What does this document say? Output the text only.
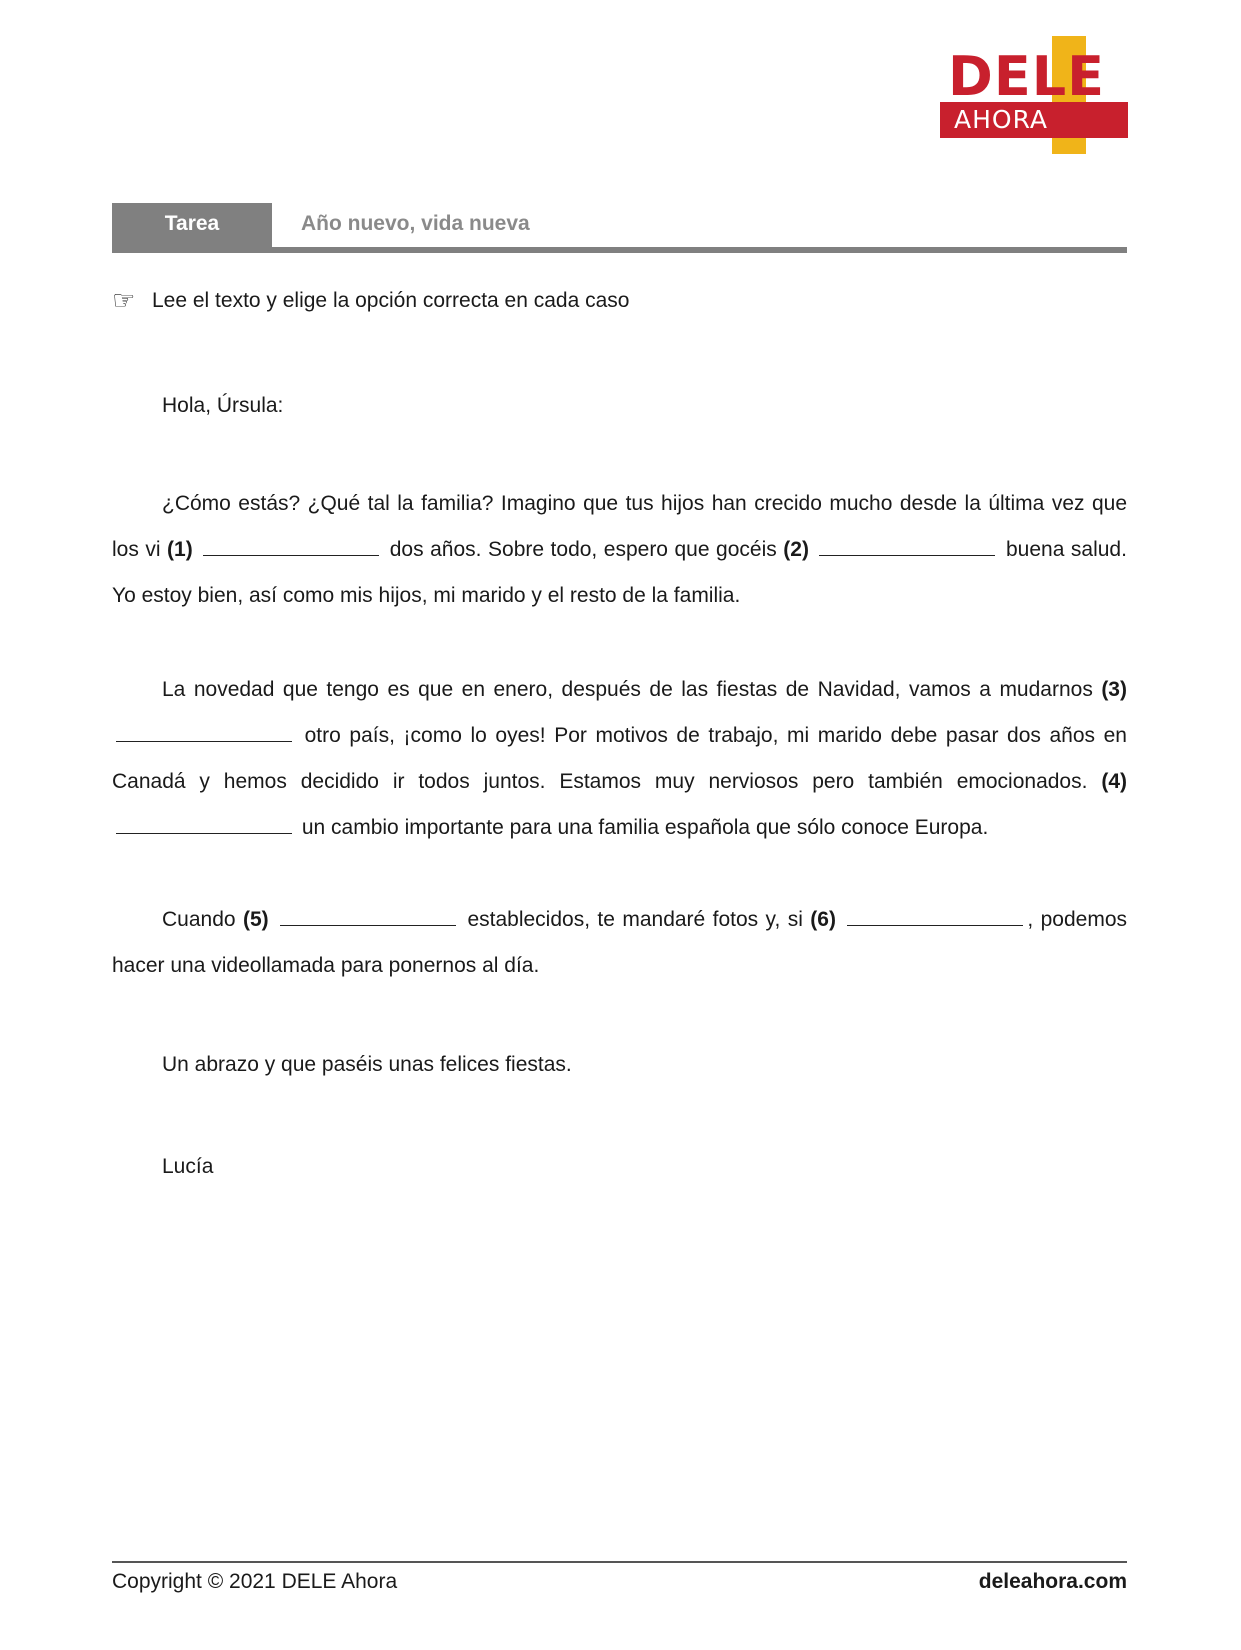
DELE
AHORA
Tarea	Año nuevo, vida nueva
☞ Lee el texto y elige la opción correcta en cada caso

Hola, Úrsula:

¿Cómo estás? ¿Qué tal la familia? Imagino que tus hijos han crecido mucho desde la última vez que los vi (1)	dos años. Sobre todo, espero que gocéis (2)	buena salud. Yo estoy bien, así como mis hijos, mi marido y el resto de la familia.

La novedad que tengo es que en enero, después de las fiestas de Navidad, vamos a mudarnos (3)  otro país, ¡como lo oyes! Por motivos de trabajo, mi marido debe pasar dos años en Canadá y hemos decidido ir todos juntos. Estamos muy nerviosos pero también emocionados. (4)  un cambio importante para una familia española que sólo conoce Europa.

Cuando (5)	establecidos, te mandaré fotos y, si (6)	, podemos hacer una videollamada para ponernos al día.

Un abrazo y que paséis unas felices fiestas.

Lucía

Copyright © 2021 DELE Ahora	deleahora.com
